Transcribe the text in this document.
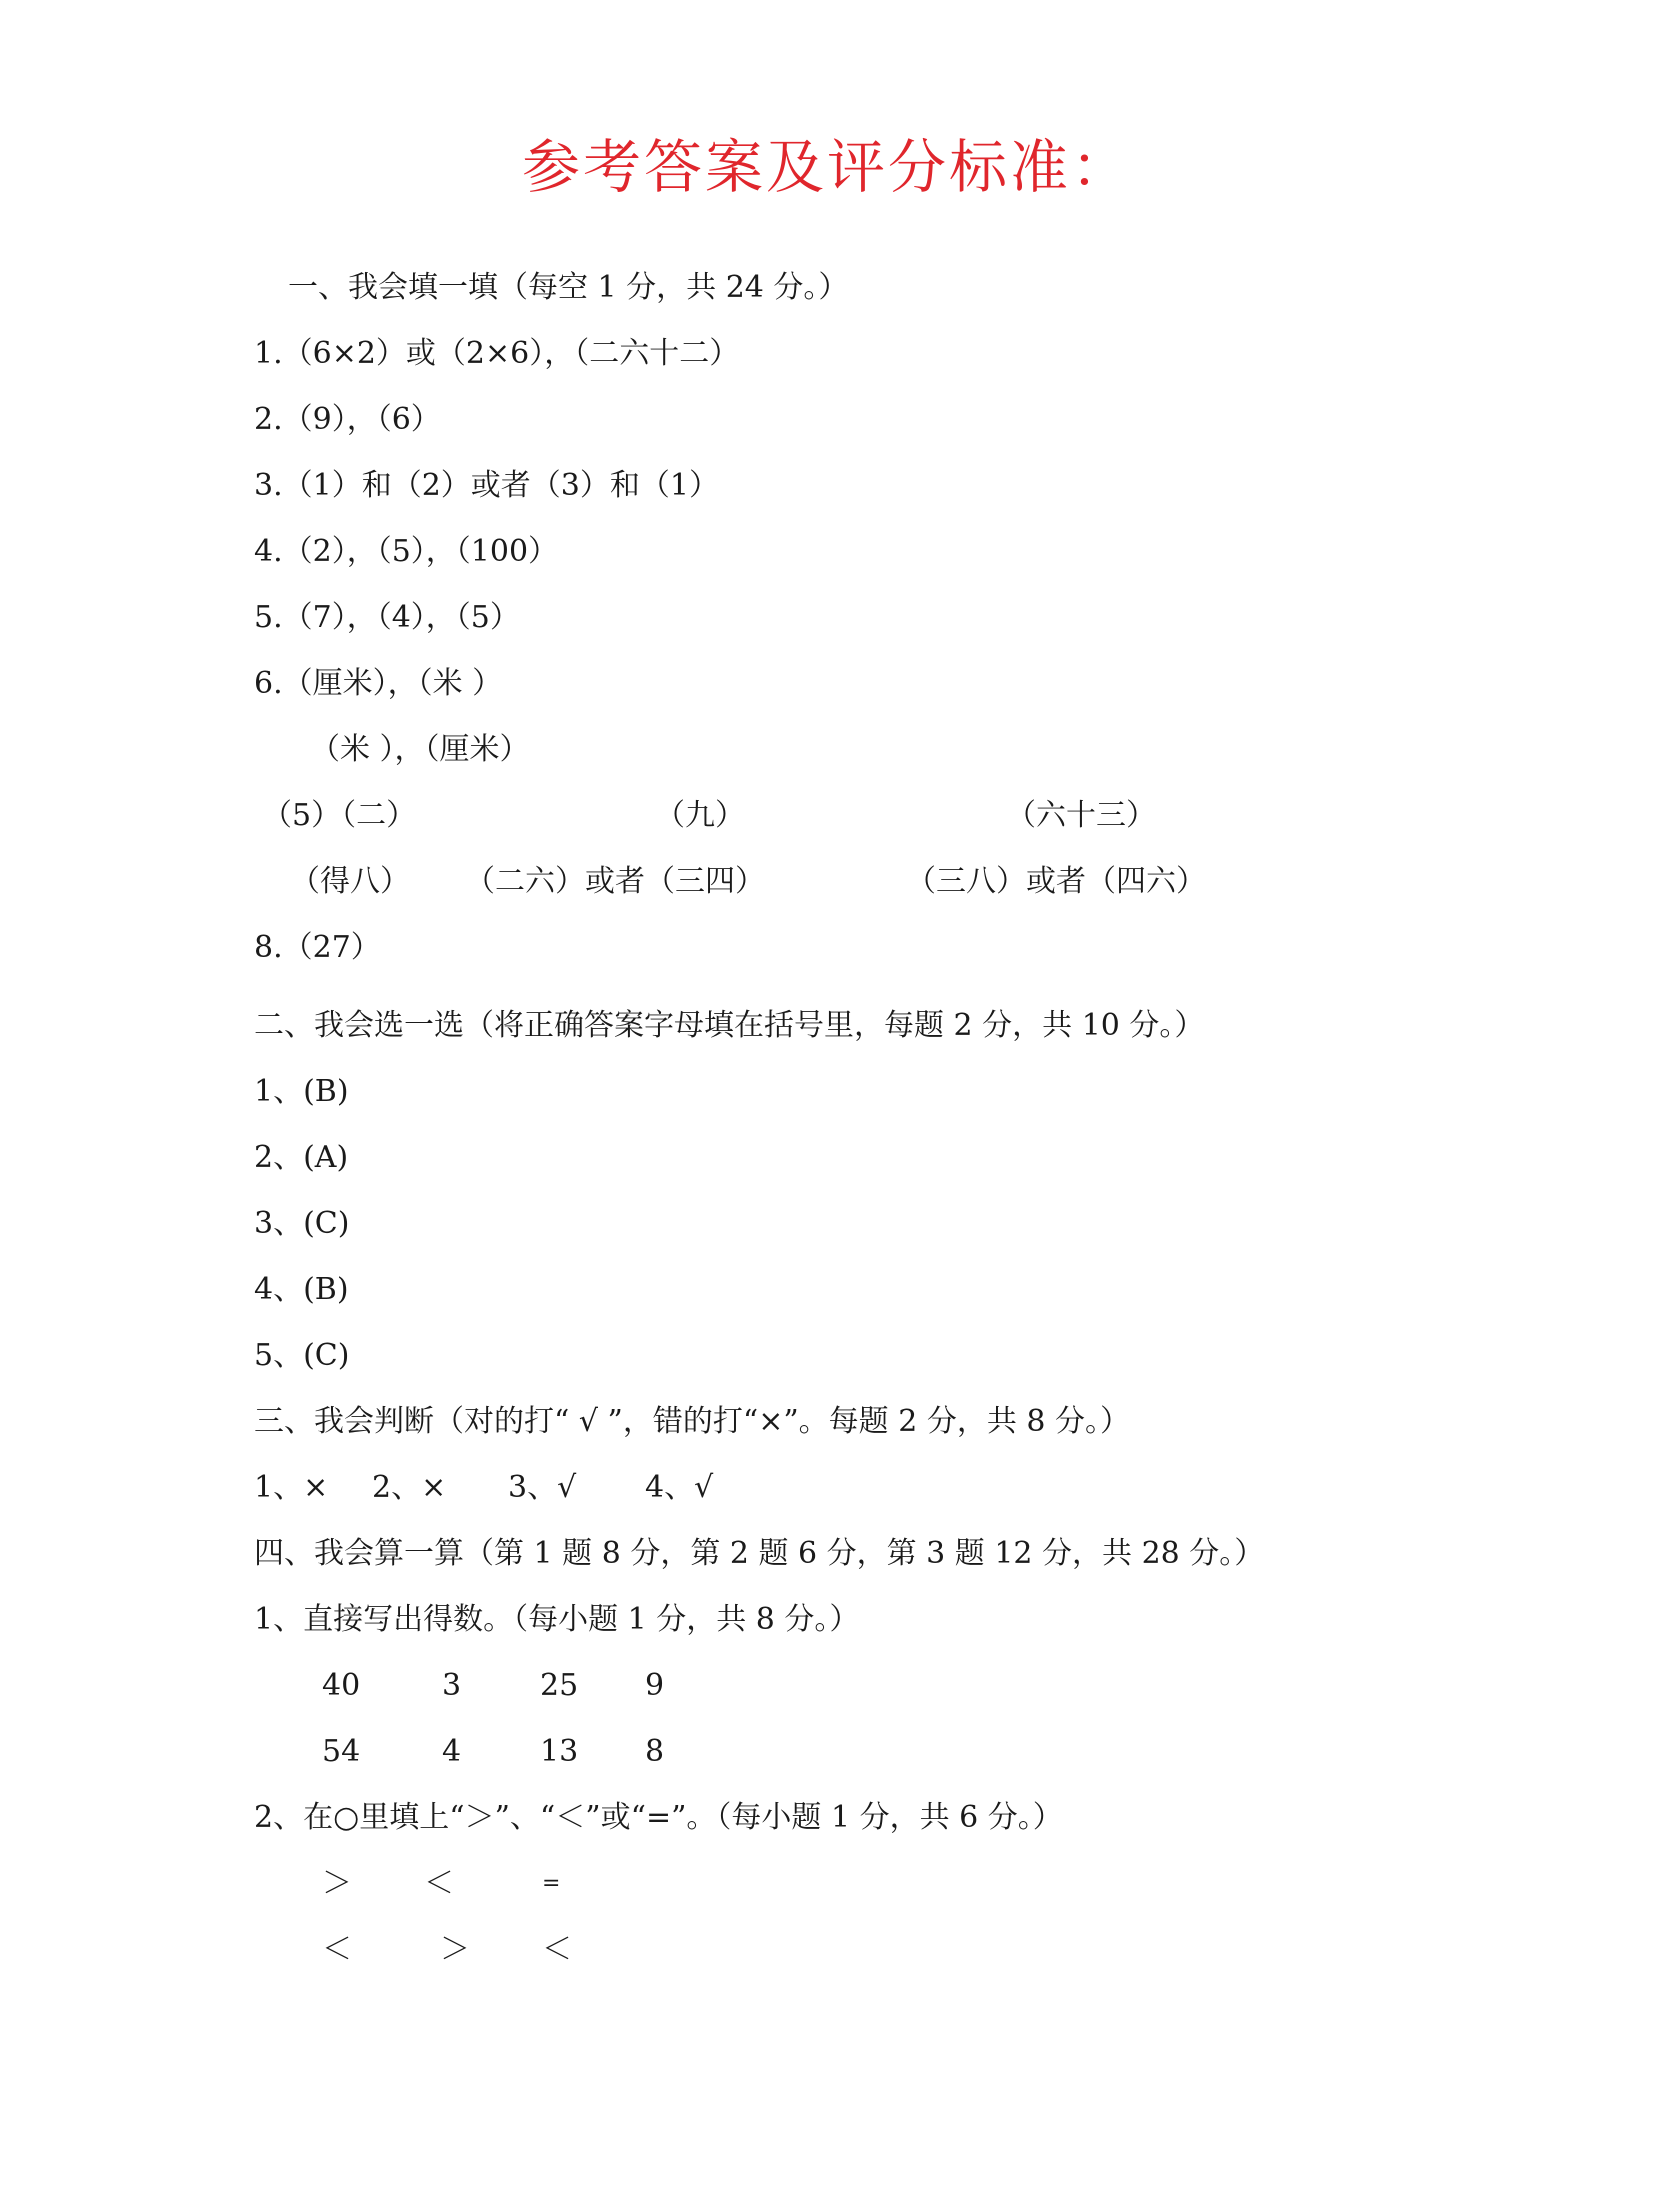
参考答案及评分标准：
一、我会填一填（每空 1 分，共 24 分。）
1.（6×2）或（2×6），（二六十二）
2.（9），（6）
3.（1）和（2）或者（3）和（1）
4.（2），（5），（100）
5.（7），（4），（5）
6.（厘米），（米 ）
（米 ），（厘米）
（5）（二）	（九）	（六十三）
（得八） （二六）或者（三四）	（三八）或者（四六）
8.（27）
二、我会选一选（将正确答案字母填在括号里，每题 2 分，共 10 分。）
1、(B)
2、(A)
3、(C)
4、(B)
5、(C)
三、我会判断（对的打“ √ ”，错的打“×”。每题 2 分，共 8 分。）
1、× 2、× 3、√ 4、√
四、我会算一算（第 1 题 8 分，第 2 题 6 分，第 3 题 12 分，共 28 分。）
1、直接写出得数。（每小题 1 分，共 8 分。）
40	3	25 9
54	4	13 8
2、在○里填上“＞”、“＜”或“=”。（每小题 1 分，共 6 分。）
＞ ＜	=
＜	＞ ＜
